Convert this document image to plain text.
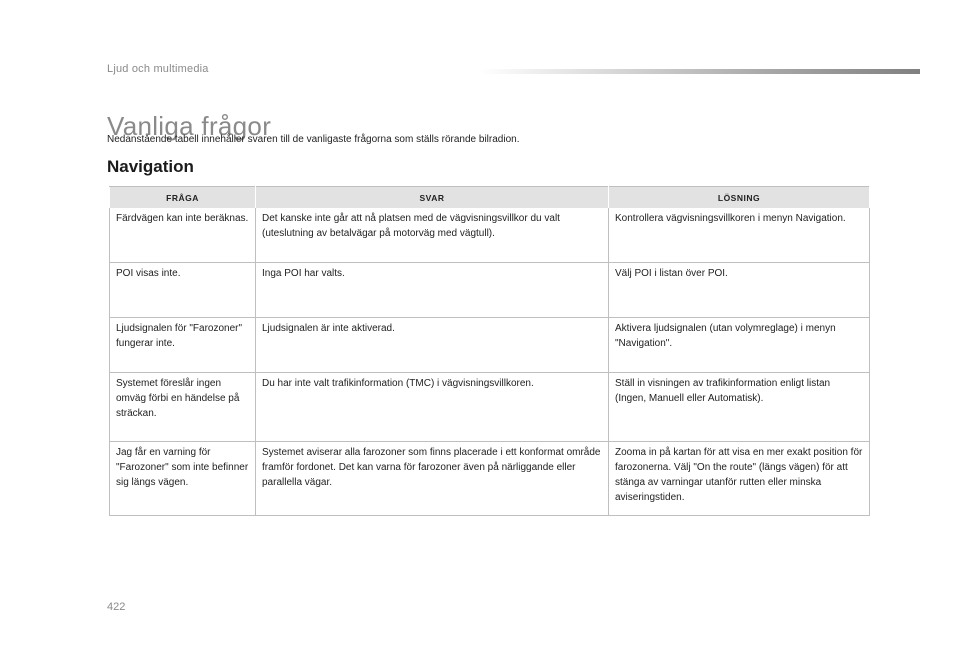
Ljud och multimedia
Vanliga frågor
Nedanstående tabell innehåller svaren till de vanligaste frågorna som ställs rörande bilradion.
Navigation
FRÅGA	SVAR	LÖSNING
Färdvägen kan inte beräknas.	Det kanske inte går att nå platsen med de vägvisningsvillkor du valt (uteslutning av betalvägar på motorväg med vägtull).	Kontrollera vägvisningsvillkoren i menyn Navigation.
POI visas inte.	Inga POI har valts.	Välj POI i listan över POI.
Ljudsignalen för "Farozoner" fungerar inte.	Ljudsignalen är inte aktiverad.	Aktivera ljudsignalen (utan volymreglage) i menyn "Navigation".
Systemet föreslår ingen omväg förbi en händelse på sträckan.	Du har inte valt trafikinformation (TMC) i vägvisningsvillkoren.	Ställ in visningen av trafikinformation enligt listan (Ingen, Manuell eller Automatisk).
Jag får en varning för "Farozoner" som inte befinner sig längs vägen.	Systemet aviserar alla farozoner som finns placerade i ett konformat område framför fordonet. Det kan varna för farozoner även på närliggande eller parallella vägar.	Zooma in på kartan för att visa en mer exakt position för farozonerna. Välj "On the route" (längs vägen) för att stänga av varningar utanför rutten eller minska aviseringstiden.
422
